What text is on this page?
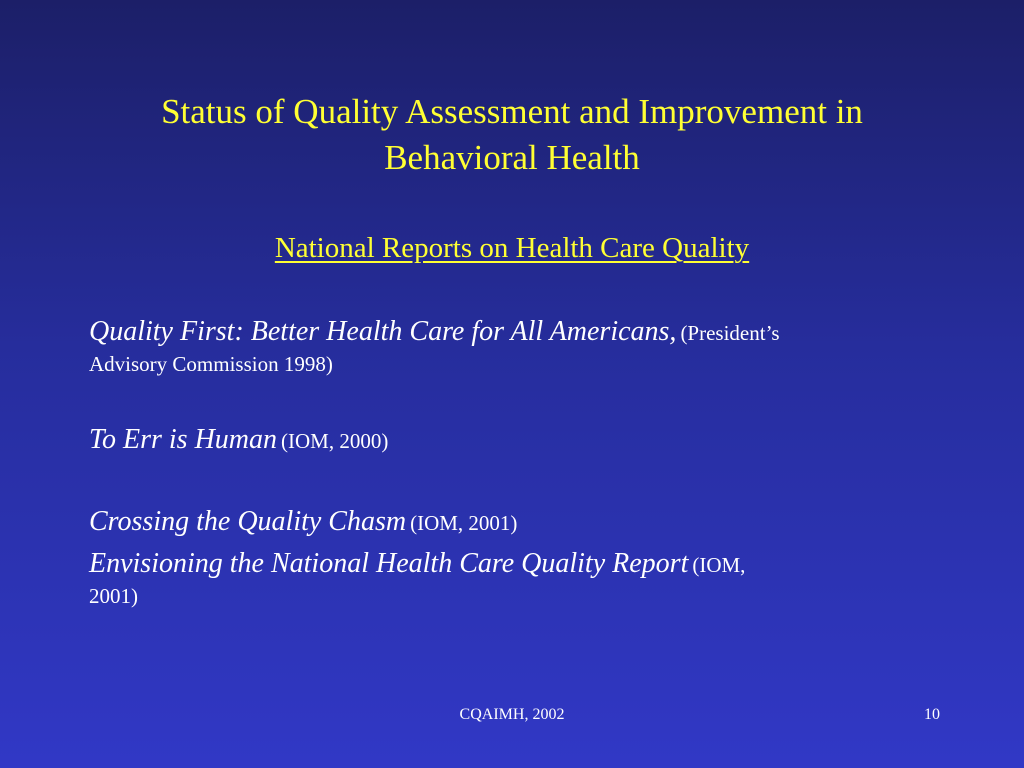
Status of Quality Assessment and Improvement in
Behavioral Health
National Reports on Health Care Quality
Quality First: Better Health Care for All Americans, (President’s
Advisory Commission 1998)
To Err is Human (IOM, 2000)
Crossing the Quality Chasm (IOM, 2001)
Envisioning the National Health Care Quality Report (IOM,
2001)
CQAIMH, 2002	10
